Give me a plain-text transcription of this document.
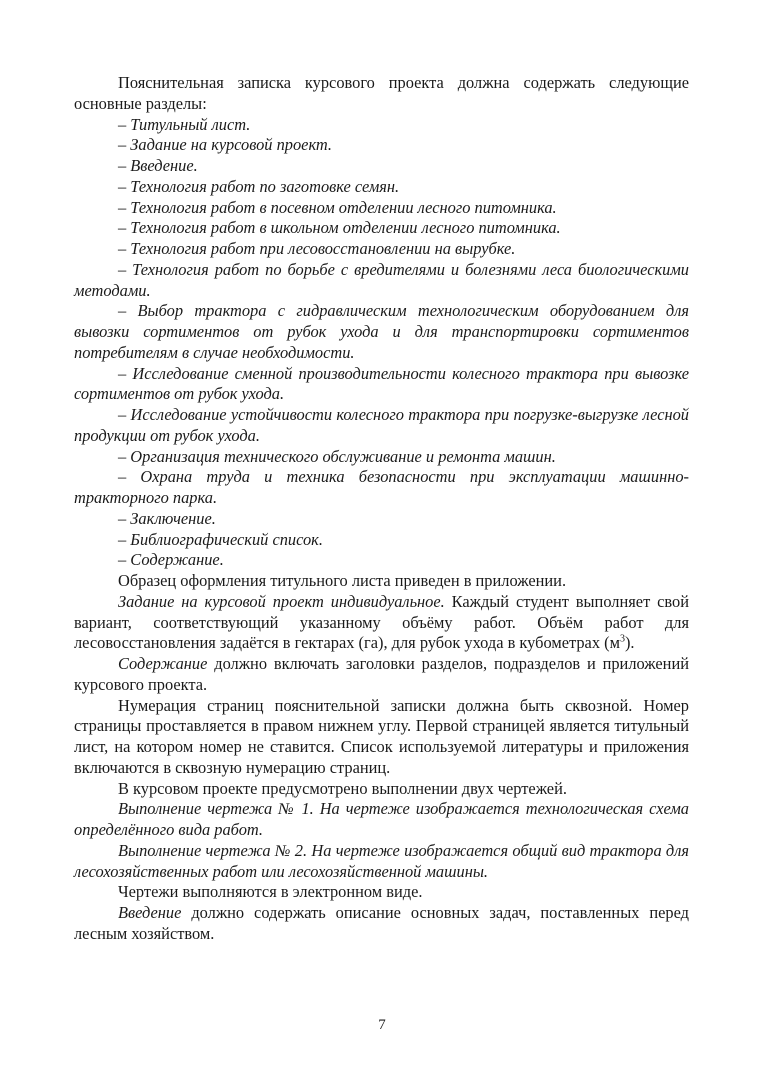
Пояснительная записка курсового проекта должна содержать следующие

основные разделы:

– Титульный лист.

– Задание на курсовой проект.

– Введение.

– Технология работ по заготовке семян.

– Технология работ в посевном отделении лесного питомника.

– Технология работ в школьном отделении лесного питомника.

– Технология работ при лесовосстановлении на вырубке.

– Технология работ по борьбе с вредителями и болезнями леса биологическими методами.

– Выбор трактора с гидравлическим технологическим оборудованием для вывозки сортиментов от рубок ухода и для транспортировки сортиментов потребителям в случае необходимости.

– Исследование сменной производительности колесного трактора при вывозке сортиментов от рубок ухода.

– Исследование устойчивости колесного трактора при погрузке-выгрузке лесной продукции от рубок ухода.

– Организация технического обслуживание и ремонта машин.

– Охрана труда и техника безопасности при эксплуатации машинно-тракторного парка.

– Заключение.

– Библиографический список.

– Содержание.

Образец оформления титульного листа приведен в приложении.

Задание на курсовой проект индивидуальное. Каждый студент выполняет свой вариант, соответствующий указанному объёму работ. Объём работ для лесовосстановления задаётся в гектарах (га), для рубок ухода в кубометрах $(м^3)$.

Содержание должно включать заголовки разделов, подразделов и приложений курсового проекта.

Нумерация страниц пояснительной записки должна быть сквозной. Номер страницы проставляется в правом нижнем углу. Первой страницей является титульный лист, на котором номер не ставится. Список используемой литературы и приложения включаются в сквозную нумерацию страниц.

В курсовом проекте предусмотрено выполнении двух чертежей.

Выполнение чертежа № 1. На чертеже изображается технологическая схема определённого вида работ.

Выполнение чертежа № 2. На чертеже изображается общий вид трактора для лесохозяйственных работ или лесохозяйственной машины.

Чертежи выполняются в электронном виде.

Введение должно содержать описание основных задач, поставленных перед лесным хозяйством.

7
